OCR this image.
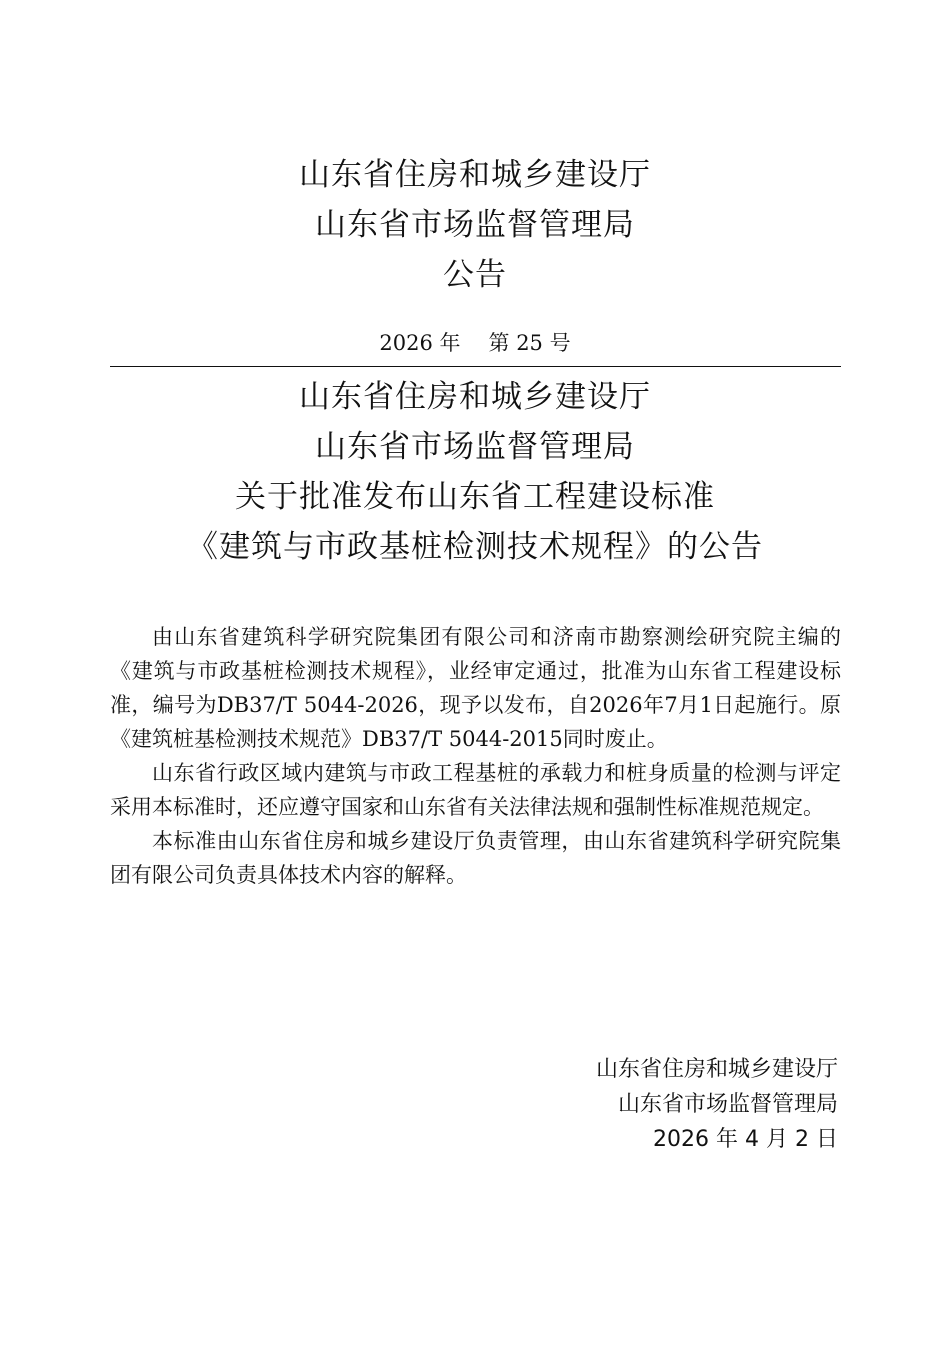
山东省住房和城乡建设厅
山东省市场监督管理局
公告
2026 年 第 25 号
山东省住房和城乡建设厅
山东省市场监督管理局
关于批准发布山东省工程建设标准
《建筑与市政基桩检测技术规程》的公告

由山东省建筑科学研究院集团有限公司和济南市勘察测绘研究院主编的《建筑与市政基桩检测技术规程》，业经审定通过，批准为山东省工程建设标准，编号为DB37/T 5044-2026，现予以发布，自2026年7月1日起施行。原《建筑桩基检测技术规范》DB37/T 5044-2015同时废止。

山东省行政区域内建筑与市政工程基桩的承载力和桩身质量的检测与评定采用本标准时，还应遵守国家和山东省有关法律法规和强制性标准规范规定。

本标准由山东省住房和城乡建设厅负责管理，由山东省建筑科学研究院集团有限公司负责具体技术内容的解释。

山东省住房和城乡建设厅
山东省市场监督管理局
2026 年 4 月 2 日
